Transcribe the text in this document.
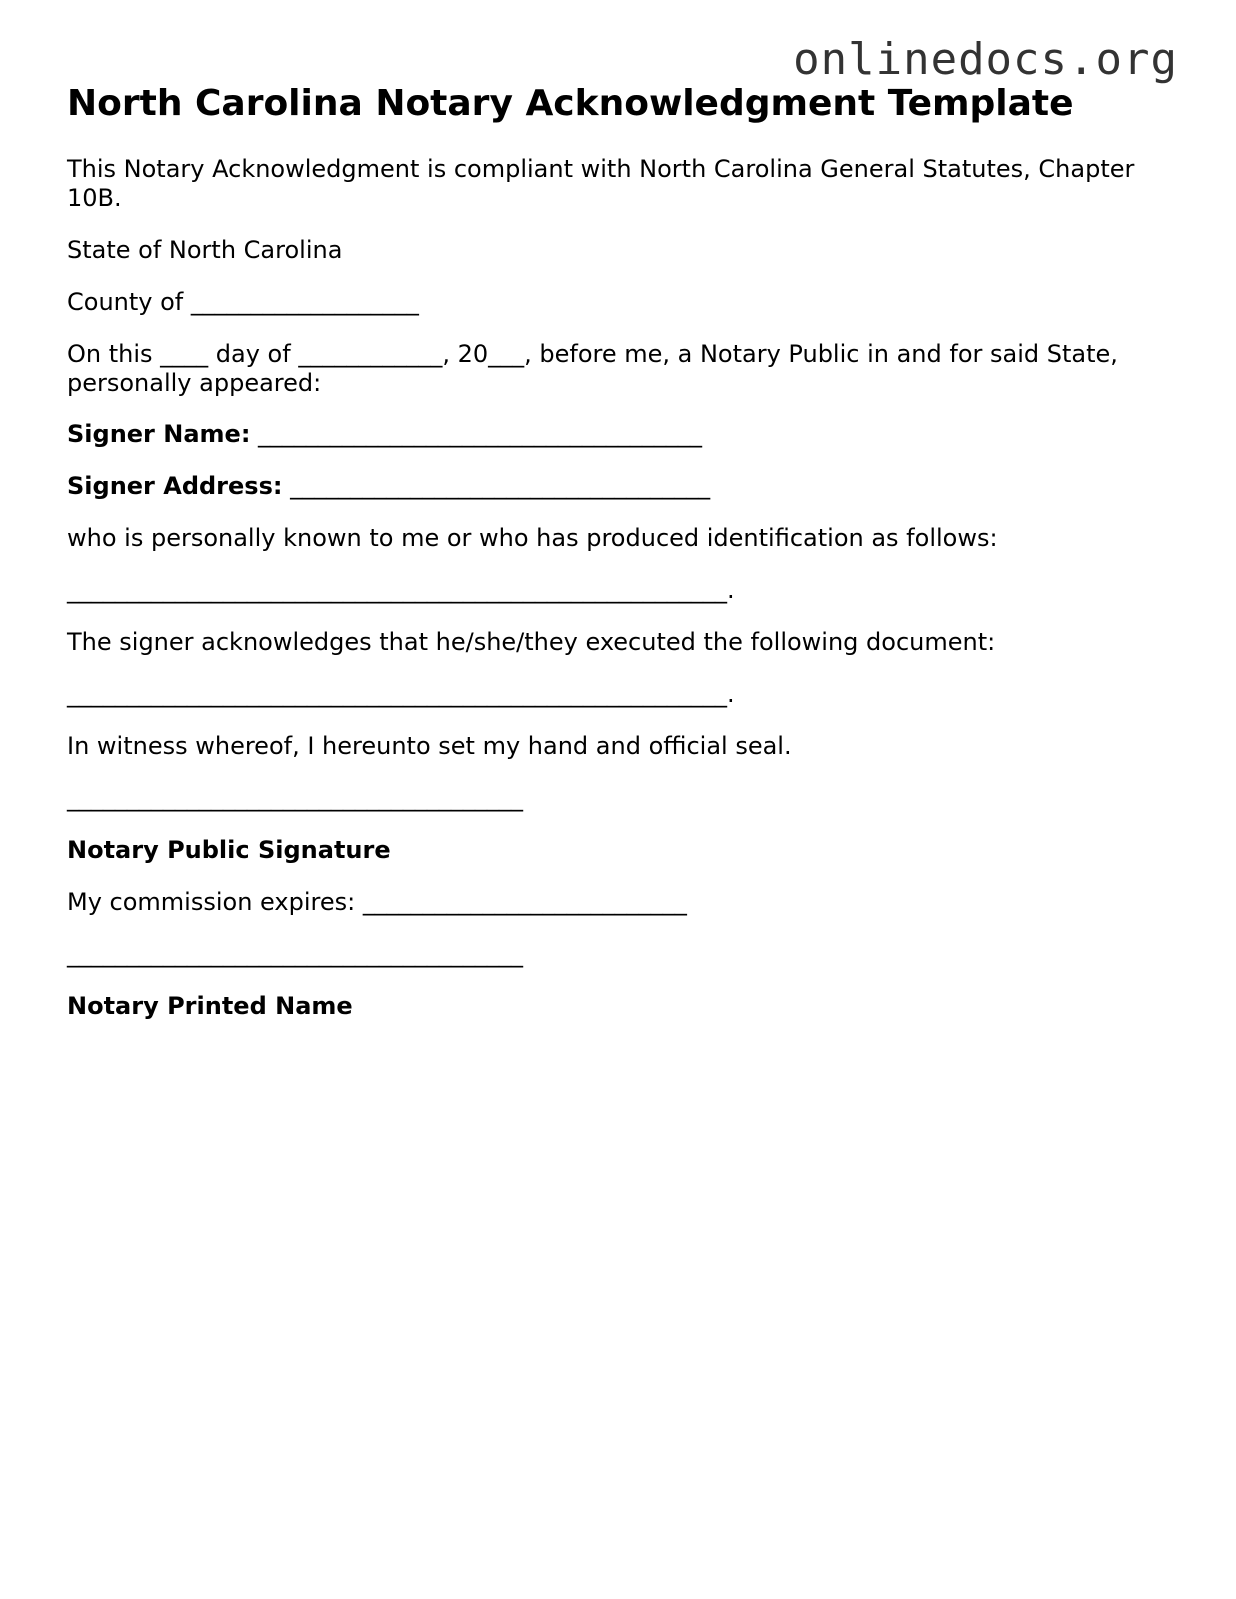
onlinedocs.org
North Carolina Notary Acknowledgment Template

This Notary Acknowledgment is compliant with North Carolina General Statutes, Chapter 10B.

State of North Carolina

County of ___________________

On this ____ day of ____________, 20___, before me, a Notary Public in and for said State, personally appeared:

Signer Name: _____________________________________

Signer Address: ___________________________________

who is personally known to me or who has produced identification as follows:

_______________________________________________________.

The signer acknowledges that he/she/they executed the following document:

_______________________________________________________.

In witness whereof, I hereunto set my hand and official seal.

______________________________________

Notary Public Signature

My commission expires: ___________________________

______________________________________

Notary Printed Name
